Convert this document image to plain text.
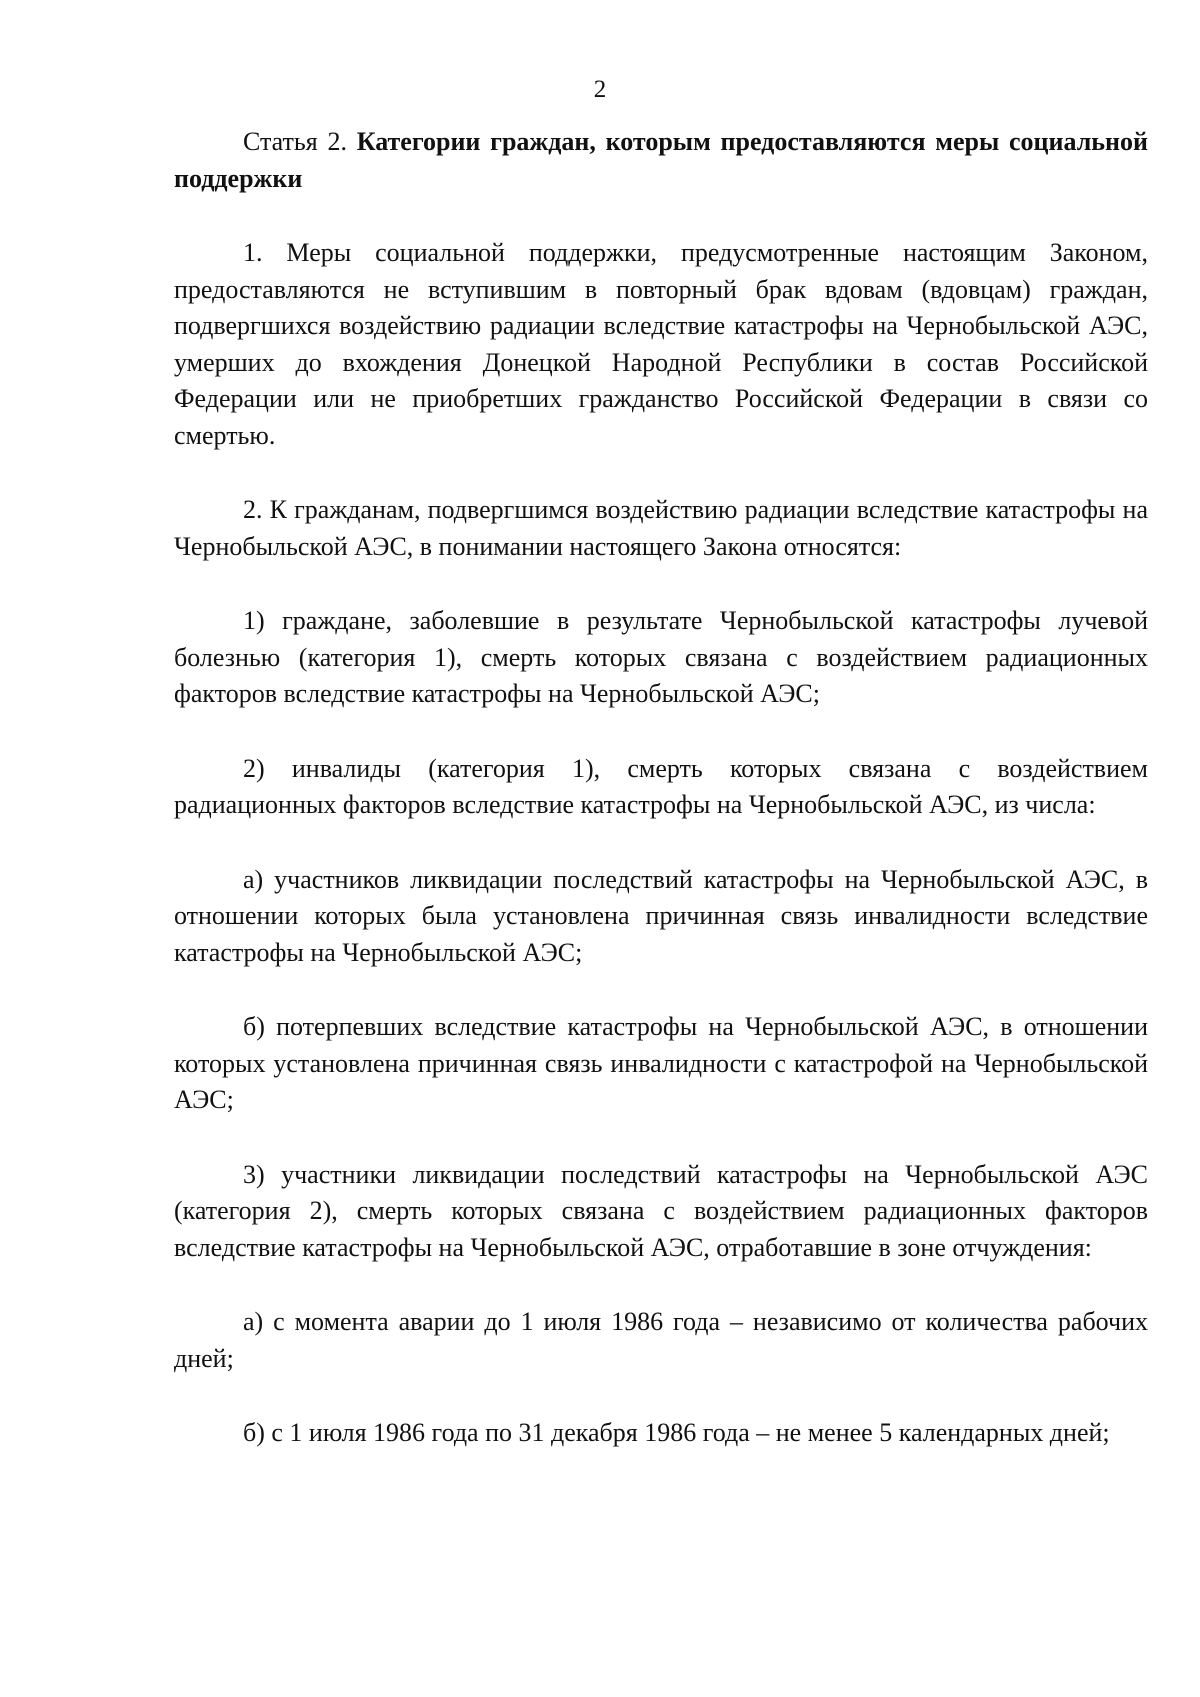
2

Статья 2. Категории граждан, которым предоставляются меры социальной поддержки

1. Меры социальной поддержки, предусмотренные настоящим Законом, предоставляются не вступившим в повторный брак вдовам (вдовцам) граждан, подвергшихся воздействию радиации вследствие катастрофы на Чернобыльской АЭС, умерших до вхождения Донецкой Народной Республики в состав Российской Федерации или не приобретших гражданство Российской Федерации в связи со смертью.

2. К гражданам, подвергшимся воздействию радиации вследствие катастрофы на Чернобыльской АЭС, в понимании настоящего Закона относятся:

1) граждане, заболевшие в результате Чернобыльской катастрофы лучевой болезнью (категория 1), смерть которых связана с воздействием радиационных факторов вследствие катастрофы на Чернобыльской АЭС;

2) инвалиды (категория 1), смерть которых связана с воздействием радиационных факторов вследствие катастрофы на Чернобыльской АЭС, из числа:

а) участников ликвидации последствий катастрофы на Чернобыльской АЭС, в отношении которых была установлена причинная связь инвалидности вследствие катастрофы на Чернобыльской АЭС;

б) потерпевших вследствие катастрофы на Чернобыльской АЭС, в отношении которых установлена причинная связь инвалидности с катастрофой на Чернобыльской АЭС;

3) участники ликвидации последствий катастрофы на Чернобыльской АЭС (категория 2), смерть которых связана с воздействием радиационных факторов вследствие катастрофы на Чернобыльской АЭС, отработавшие в зоне отчуждения:

а) с момента аварии до 1 июля 1986 года – независимо от количества рабочих дней;

б) с 1 июля 1986 года по 31 декабря 1986 года – не менее 5 календарных дней;
